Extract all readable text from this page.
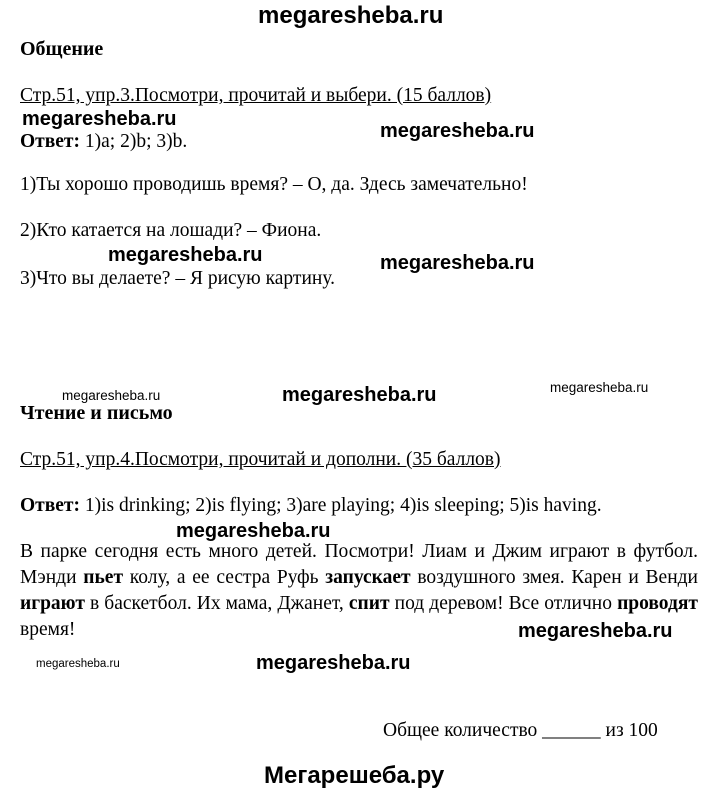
megaresheba.ru
Общение
Стр.51, упр.3.Посмотри, прочитай и выбери. (15 баллов)
megaresheba.ru
megaresheba.ru
Ответ: 1)a; 2)b; 3)b.
1)Ты хорошо проводишь время? – О, да. Здесь замечательно!
2)Кто катается на лошади? – Фиона.
megaresheba.ru	megaresheba.ru
3)Что вы делаете? – Я рисую картину.
megaresheba.ru	megaresheba.ru	megaresheba.ru
Чтение и письмо
Стр.51, упр.4.Посмотри, прочитай и дополни. (35 баллов)
Ответ: 1)is drinking; 2)is flying; 3)are playing; 4)is sleeping; 5)is having.
megaresheba.ru
В парке сегодня есть много детей. Посмотри! Лиам и Джим играют в футбол. Мэнди пьет колу, а ее сестра Руфь запускает воздушного змея. Карен и Венди играют в баскетбол. Их мама, Джанет, спит под деревом! Все отлично проводят время!	megaresheba.ru
megaresheba.ru	megaresheba.ru
Общее количество ______ из 100
Мегарешеба.ру
